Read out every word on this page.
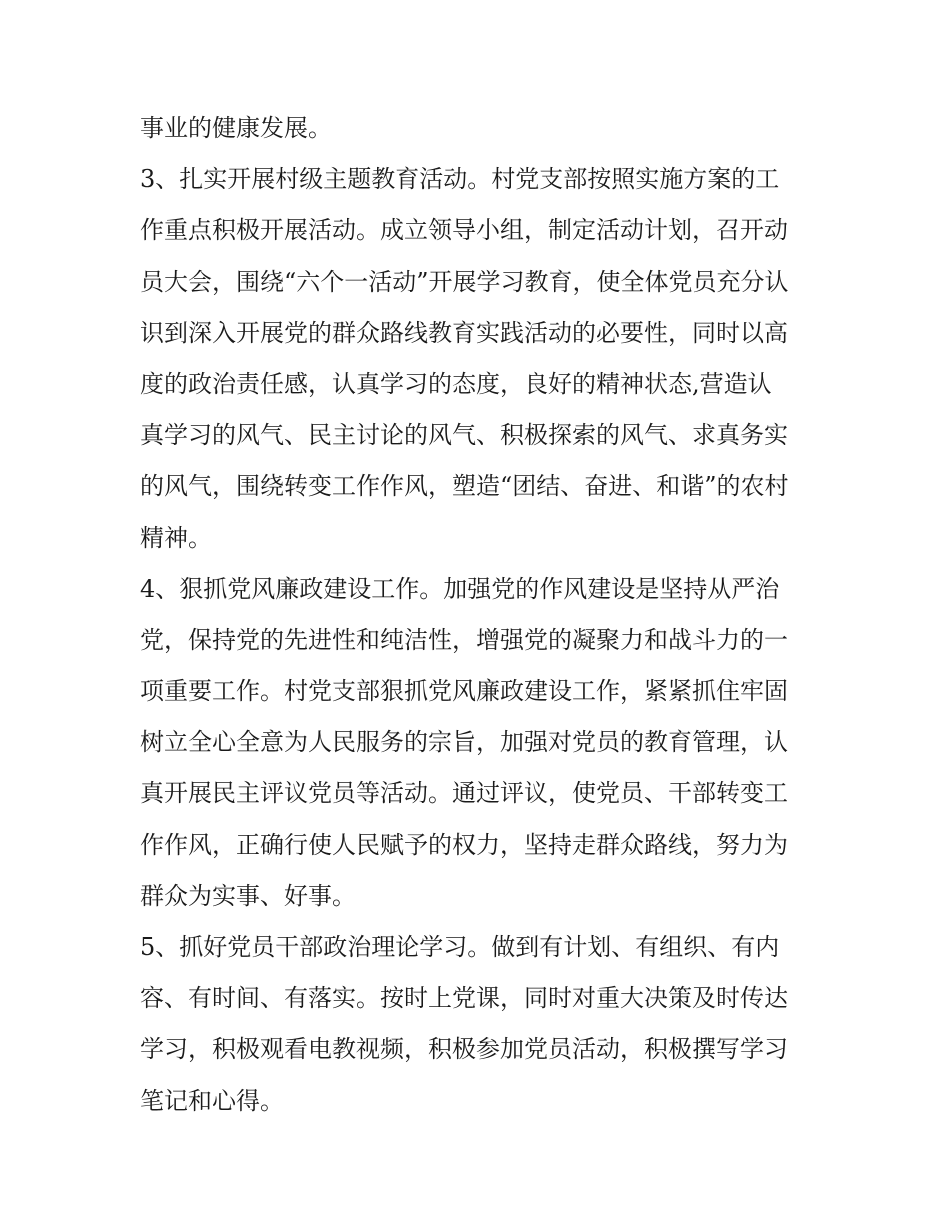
事业的健康发展。
3、扎实开展村级主题教育活动。村党支部按照实施方案的工
作重点积极开展活动。成立领导小组，制定活动计划，召开动
员大会，围绕“六个一活动”开展学习教育，使全体党员充分认
识到深入开展党的群众路线教育实践活动的必要性，同时以高
度的政治责任感，认真学习的态度，良好的精神状态,营造认
真学习的风气、民主讨论的风气、积极探索的风气、求真务实
的风气，围绕转变工作作风，塑造“团结、奋进、和谐”的农村
精神。
4、狠抓党风廉政建设工作。加强党的作风建设是坚持从严治
党，保持党的先进性和纯洁性，增强党的凝聚力和战斗力的一
项重要工作。村党支部狠抓党风廉政建设工作，紧紧抓住牢固
树立全心全意为人民服务的宗旨，加强对党员的教育管理，认
真开展民主评议党员等活动。通过评议，使党员、干部转变工
作作风，正确行使人民赋予的权力，坚持走群众路线，努力为
群众为实事、好事。
5、抓好党员干部政治理论学习。做到有计划、有组织、有内
容、有时间、有落实。按时上党课，同时对重大决策及时传达
学习，积极观看电教视频，积极参加党员活动，积极撰写学习
笔记和心得。
